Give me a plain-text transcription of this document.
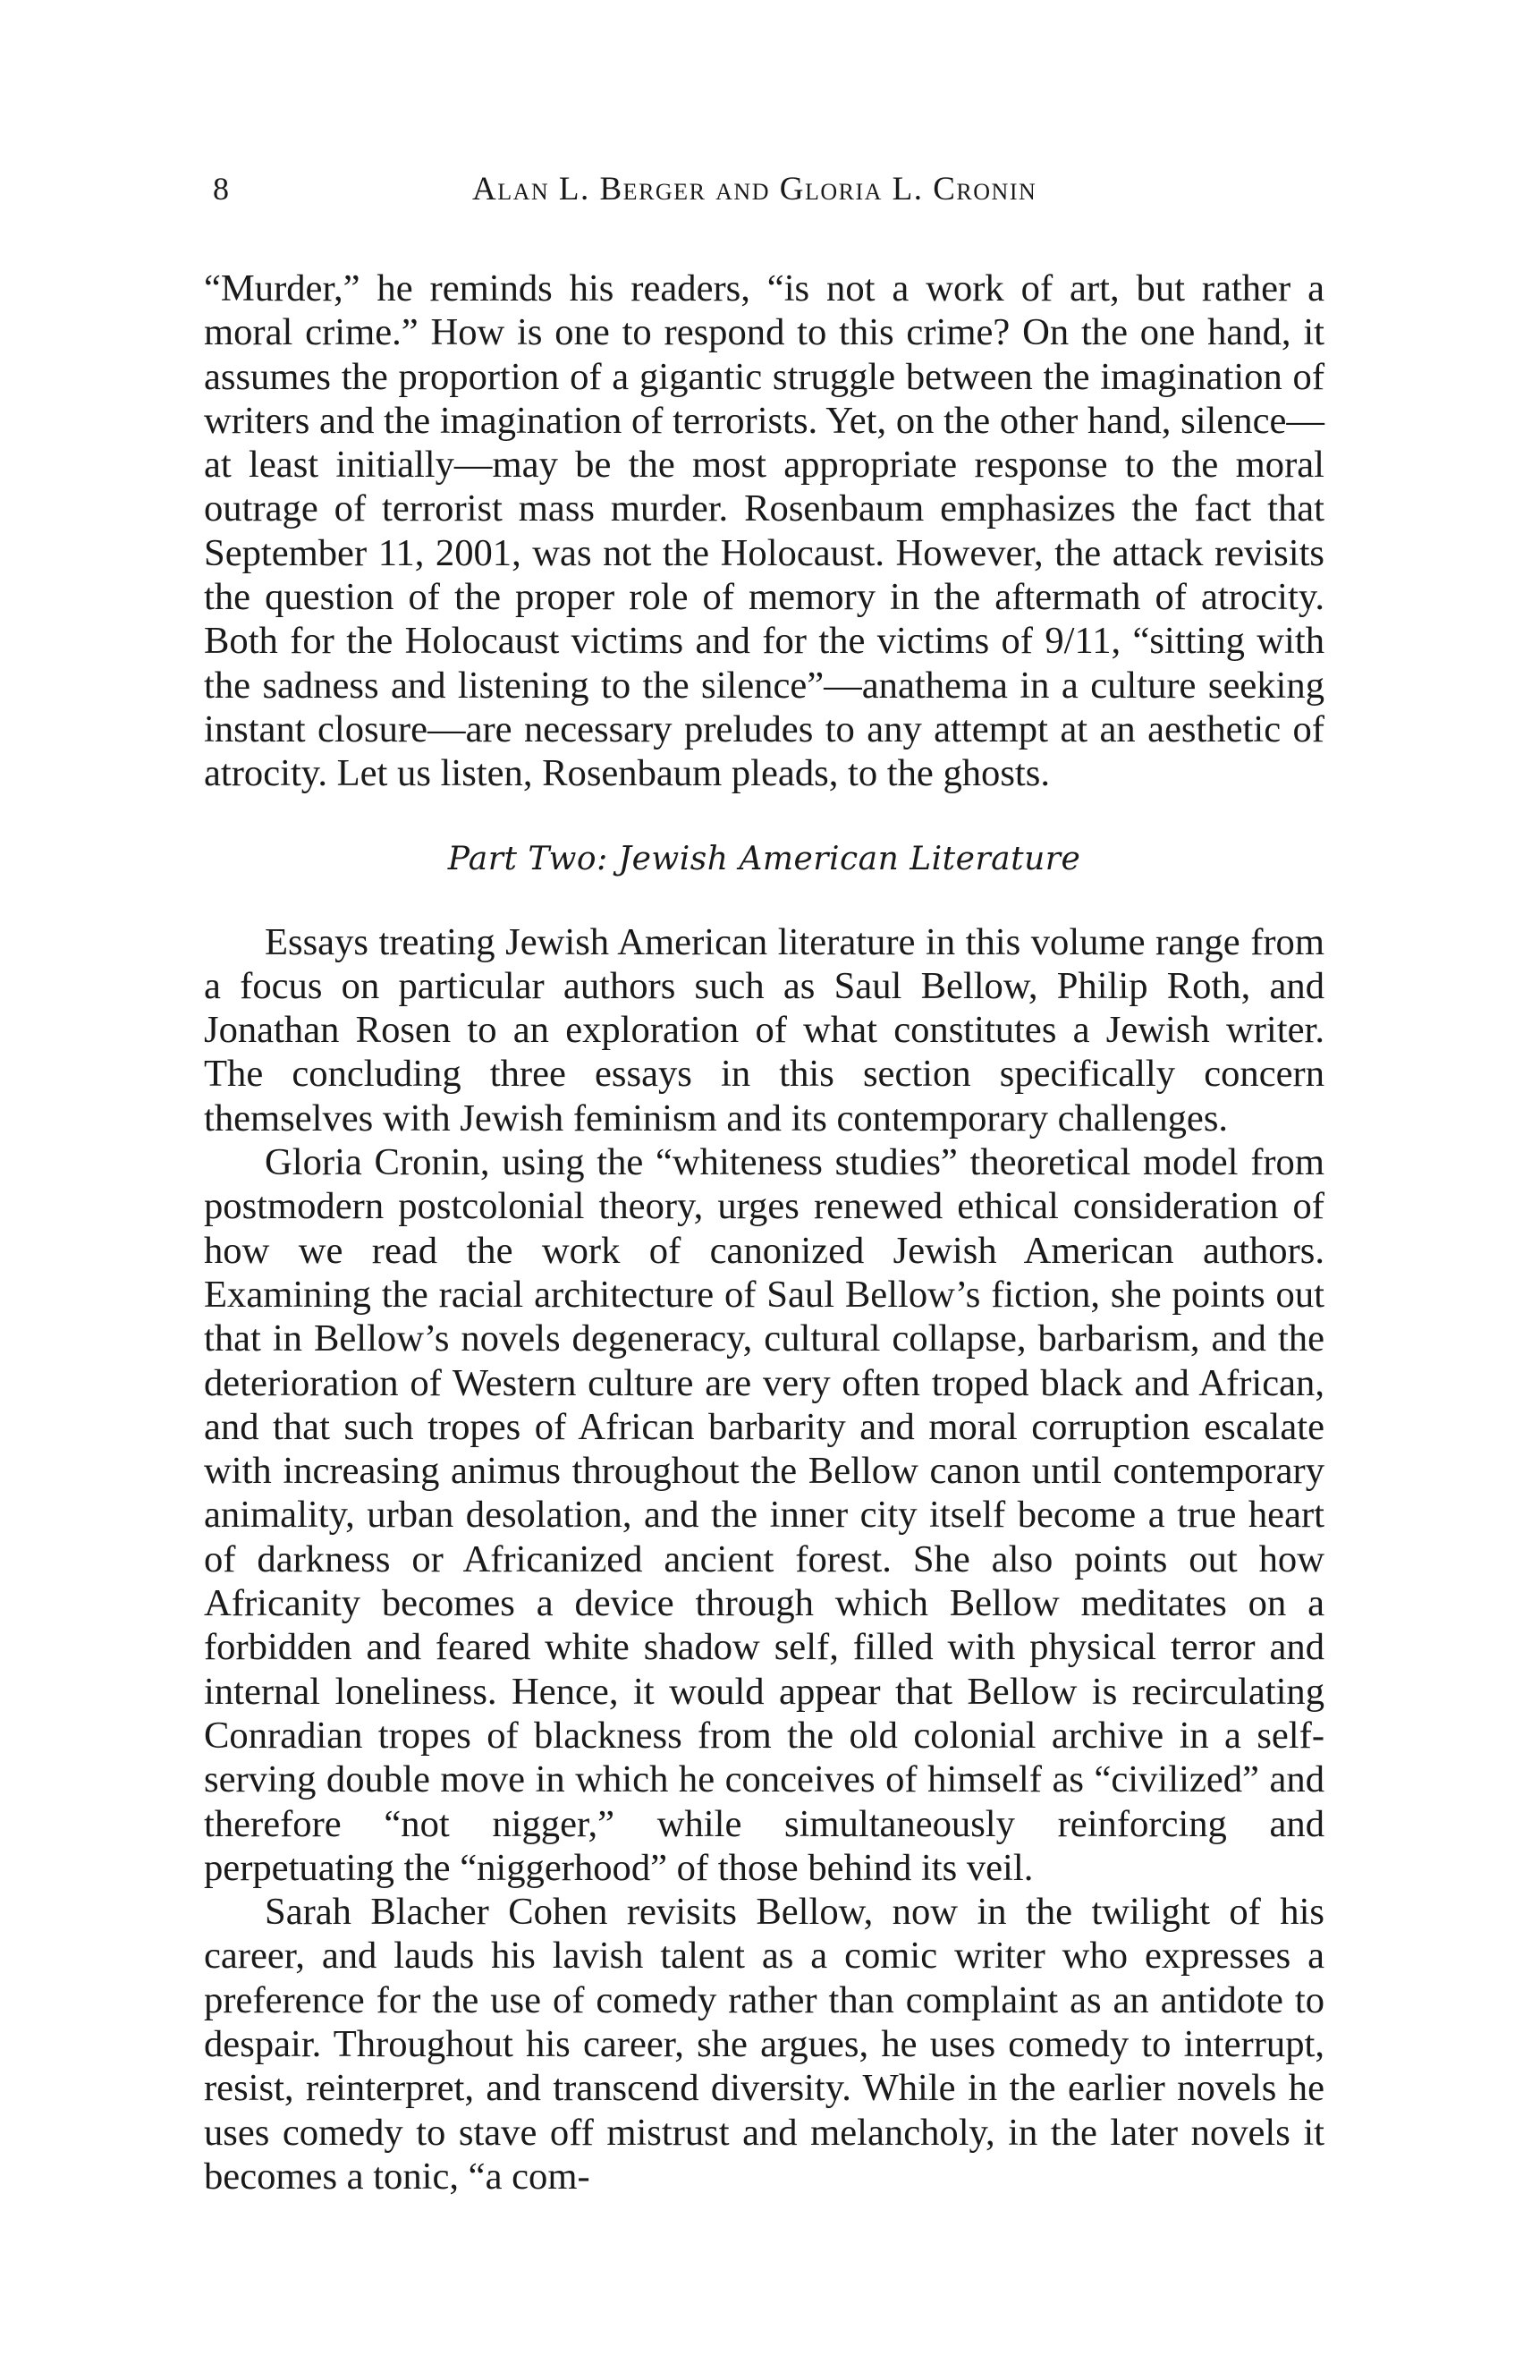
8	Alan L. Berger and Gloria L. Cronin

“Murder,” he reminds his readers, “is not a work of art, but rather a moral crime.” How is one to respond to this crime? On the one hand, it assumes the proportion of a gigantic struggle between the imagination of writers and the imagination of terrorists. Yet, on the other hand, silence—at least initially—may be the most appropriate response to the moral outrage of terrorist mass murder. Rosenbaum emphasizes the fact that September 11, 2001, was not the Holocaust. However, the attack revisits the question of the proper role of memory in the aftermath of atrocity. Both for the Holocaust victims and for the victims of 9/11, “sitting with the sadness and listening to the silence”—anathema in a culture seeking instant closure—are necessary preludes to any attempt at an aesthetic of atrocity. Let us listen, Rosenbaum pleads, to the ghosts.

Part Two: Jewish American Literature

Essays treating Jewish American literature in this volume range from a focus on particular authors such as Saul Bellow, Philip Roth, and Jonathan Rosen to an exploration of what constitutes a Jewish writer. The concluding three essays in this section specifically concern themselves with Jewish feminism and its contemporary challenges.

Gloria Cronin, using the “whiteness studies” theoretical model from postmodern postcolonial theory, urges renewed ethical consideration of how we read the work of canonized Jewish American authors. Examining the racial architecture of Saul Bellow’s fiction, she points out that in Bellow’s novels degeneracy, cultural collapse, barbarism, and the deterioration of Western culture are very often troped black and African, and that such tropes of African barbarity and moral corruption escalate with increasing animus throughout the Bellow canon until contemporary animality, urban desolation, and the inner city itself become a true heart of darkness or Africanized ancient forest. She also points out how Africanity becomes a device through which Bellow meditates on a forbidden and feared white shadow self, filled with physical terror and internal loneliness. Hence, it would appear that Bellow is recirculating Conradian tropes of blackness from the old colonial archive in a self-serving double move in which he conceives of himself as “civilized” and therefore “not nigger,” while simultaneously reinforcing and perpetuating the “niggerhood” of those behind its veil.

Sarah Blacher Cohen revisits Bellow, now in the twilight of his career, and lauds his lavish talent as a comic writer who expresses a preference for the use of comedy rather than complaint as an antidote to despair. Throughout his career, she argues, he uses comedy to interrupt, resist, reinterpret, and transcend diversity. While in the earlier novels he uses comedy to stave off mistrust and melancholy, in the later novels it becomes a tonic, “a com-
